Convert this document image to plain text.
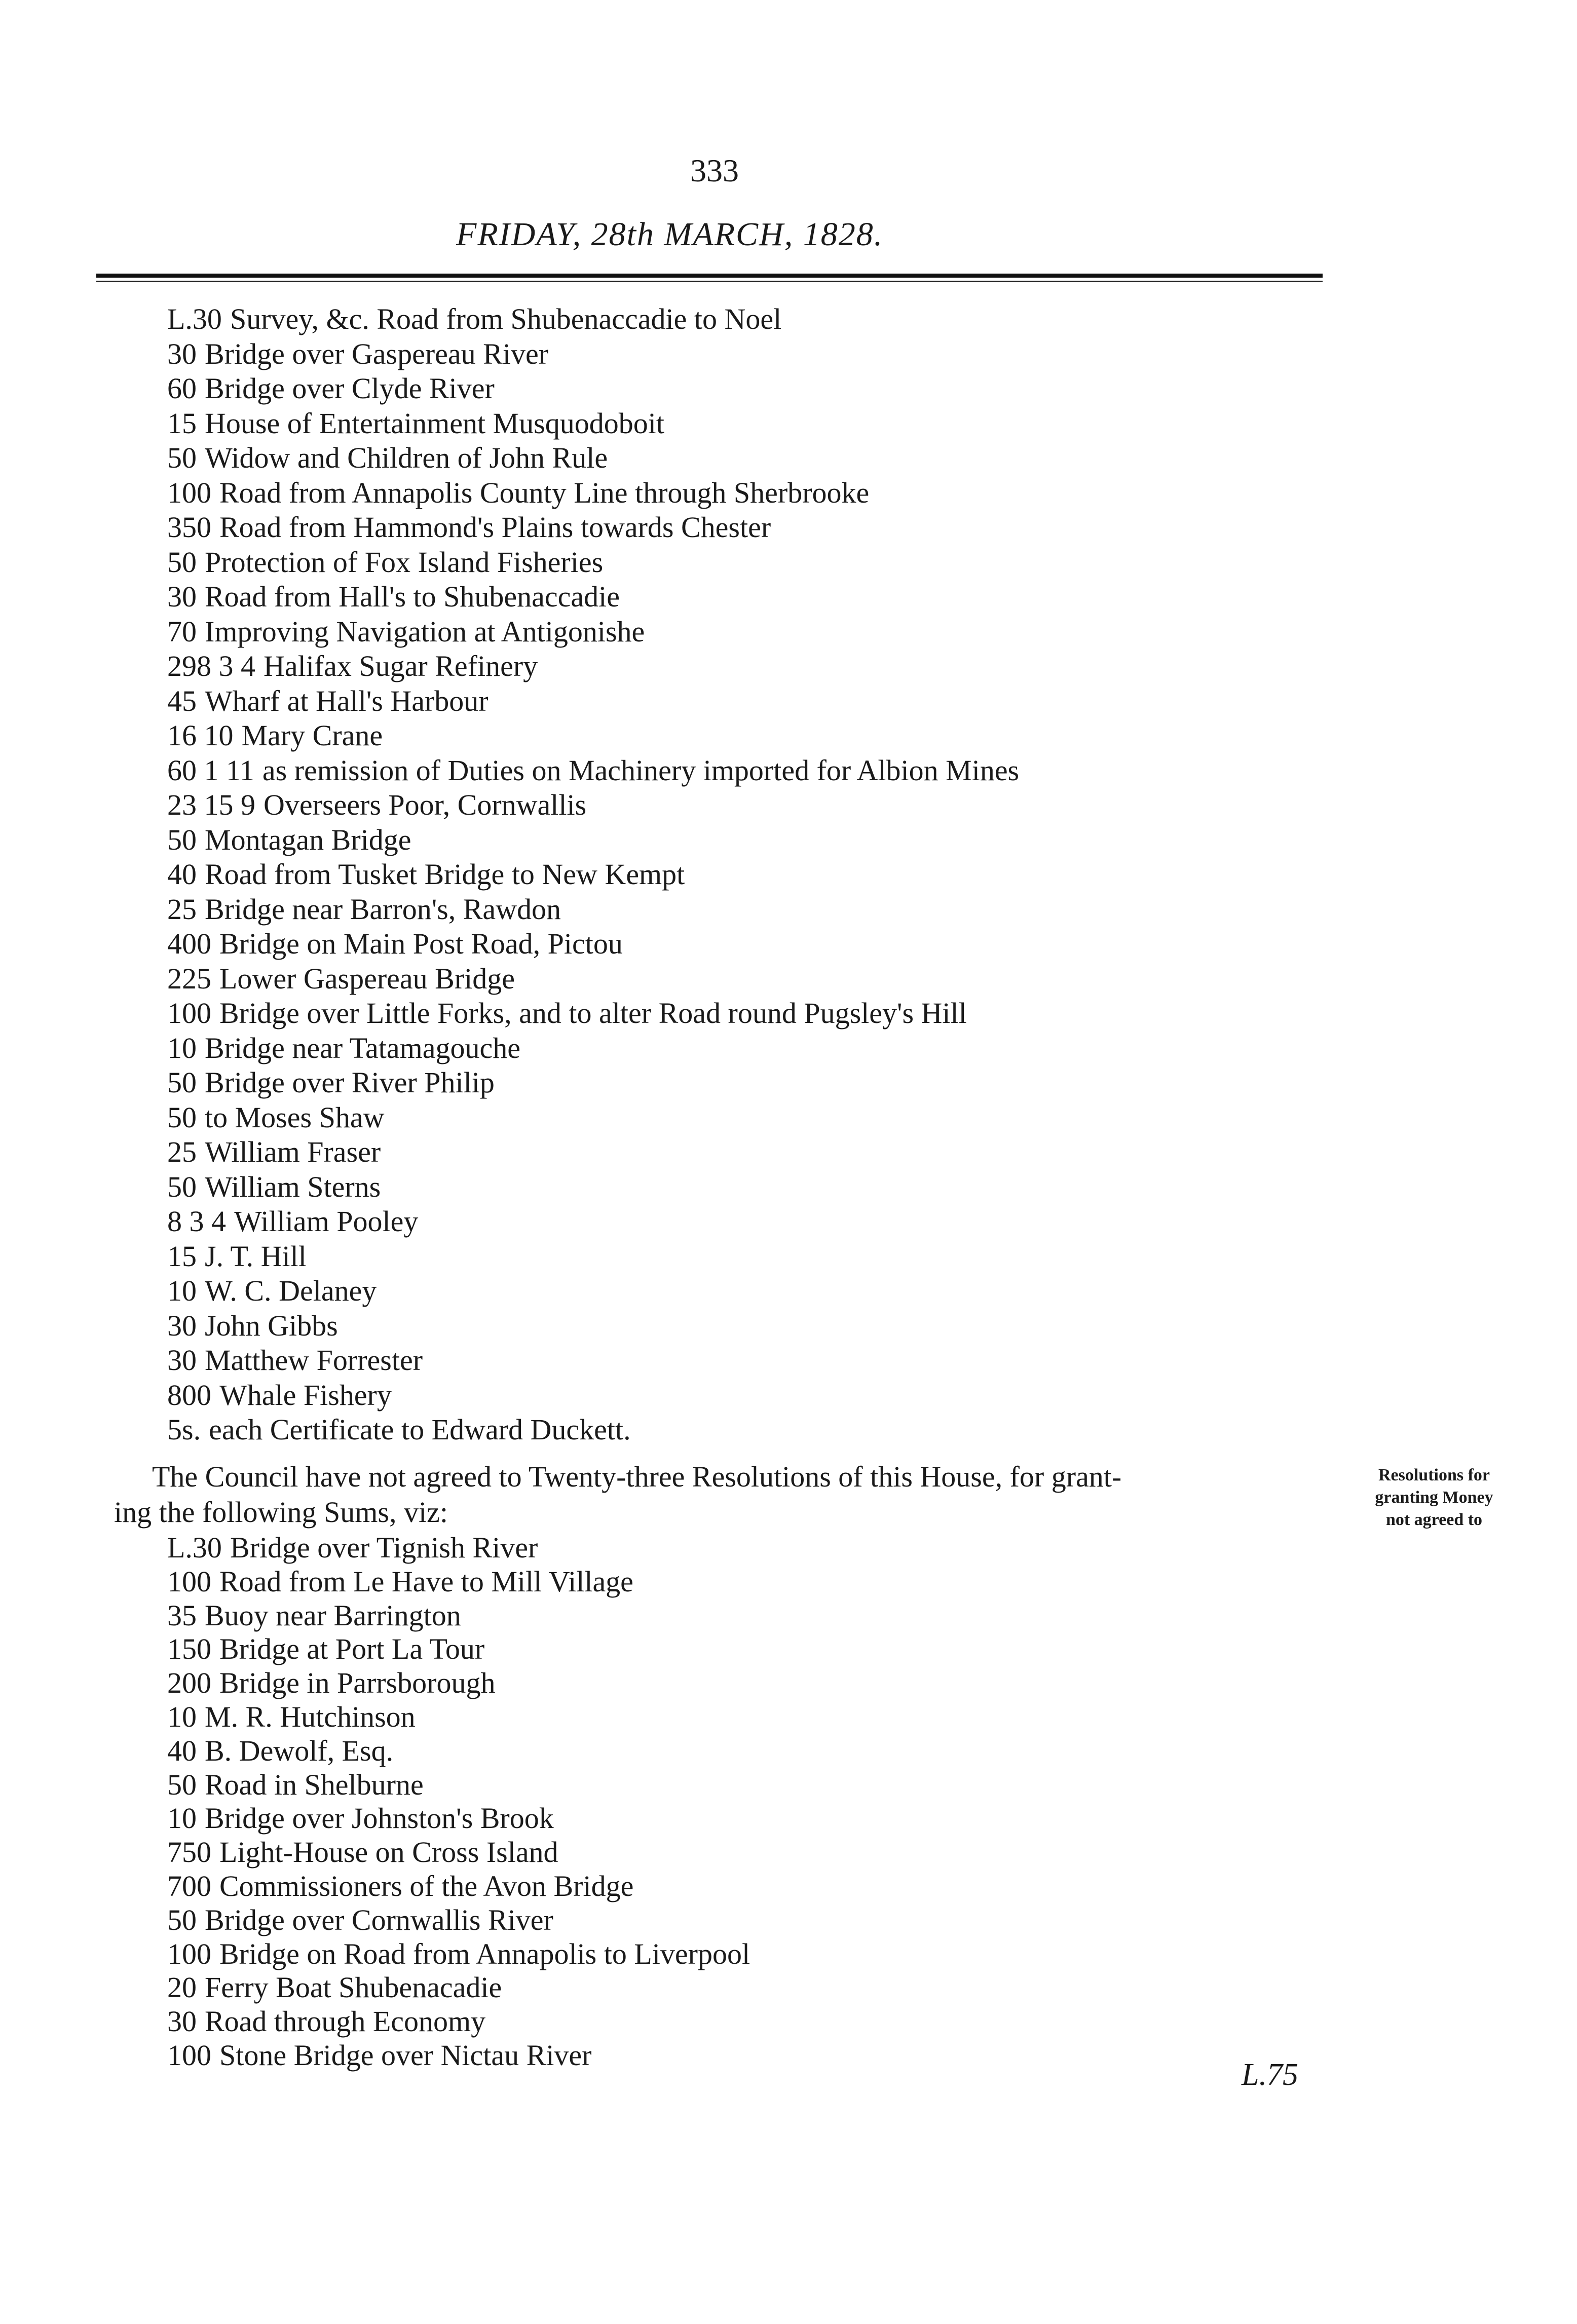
333
FRIDAY, 28th MARCH, 1828.
L.30 Survey, &c. Road from Shubenaccadie to Noel
30 Bridge over Gaspereau River
60 Bridge over Clyde River
15 House of Entertainment Musquodoboit
50 Widow and Children of John Rule
100 Road from Annapolis County Line through Sherbrooke
350 Road from Hammond's Plains towards Chester
50 Protection of Fox Island Fisheries
30 Road from Hall's to Shubenaccadie
70 Improving Navigation at Antigonishe
298 3 4 Halifax Sugar Refinery
45 Wharf at Hall's Harbour
16 10 Mary Crane
60 1 11 as remission of Duties on Machinery imported for Albion Mines
23 15 9 Overseers Poor, Cornwallis
50 Montagan Bridge
40 Road from Tusket Bridge to New Kempt
25 Bridge near Barron's, Rawdon
400 Bridge on Main Post Road, Pictou
225 Lower Gaspereau Bridge
100 Bridge over Little Forks, and to alter Road round Pugsley's Hill
10 Bridge near Tatamagouche
50 Bridge over River Philip
50 to Moses Shaw
25 William Fraser
50 William Sterns
8 3 4 William Pooley
15 J. T. Hill
10 W. C. Delaney
30 John Gibbs
30 Matthew Forrester
800 Whale Fishery
5s. each Certificate to Edward Duckett.
The Council have not agreed to Twenty-three Resolutions of this House, for grant-
ing the following Sums, viz:
Resolutions for
granting Money
not agreed to
L.30 Bridge over Tignish River
100 Road from Le Have to Mill Village
35 Buoy near Barrington
150 Bridge at Port La Tour
200 Bridge in Parrsborough
10 M. R. Hutchinson
40 B. Dewolf, Esq.
50 Road in Shelburne
10 Bridge over Johnston's Brook
750 Light-House on Cross Island
700 Commissioners of the Avon Bridge
50 Bridge over Cornwallis River
100 Bridge on Road from Annapolis to Liverpool
20 Ferry Boat Shubenacadie
30 Road through Economy
100 Stone Bridge over Nictau River
L.75
